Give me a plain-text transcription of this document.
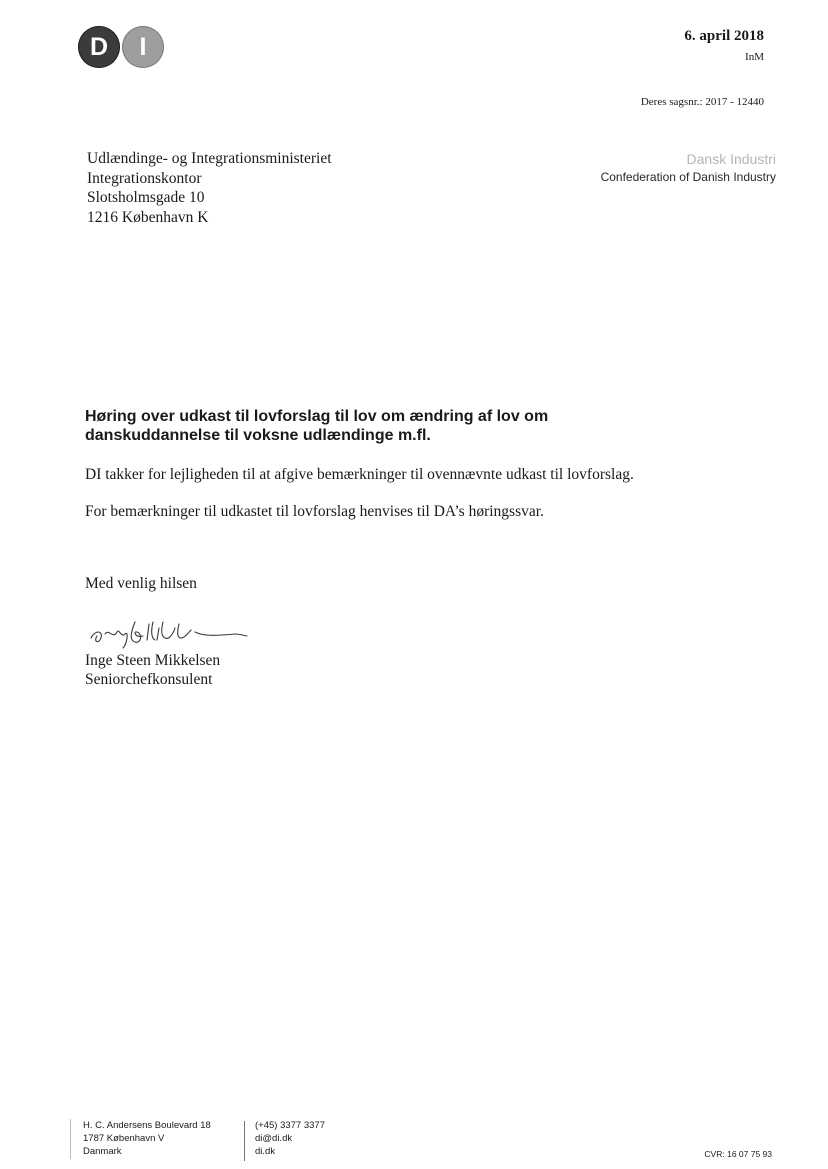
D	I	6. april 2018
InM
Deres sagsnr.: 2017 - 12440
Udlændinge- og Integrationsministeriet
Integrationskontor
Slotsholmsgade 10
1216 København K
Dansk Industri
Confederation of Danish Industry
Høring over udkast til lovforslag til lov om ændring af lov om
danskuddannelse til voksne udlændinge m.fl.
DI takker for lejligheden til at afgive bemærkninger til ovennævnte udkast til lovforslag.
For bemærkninger til udkastet til lovforslag henvises til DA’s høringssvar.
Med venlig hilsen
Inge Steen Mikkelsen
Seniorchefkonsulent
H. C. Andersens Boulevard 18
1787 København V
Danmark
(+45) 3377 3377
di@di.dk
di.dk	CVR: 16 07 75 93
